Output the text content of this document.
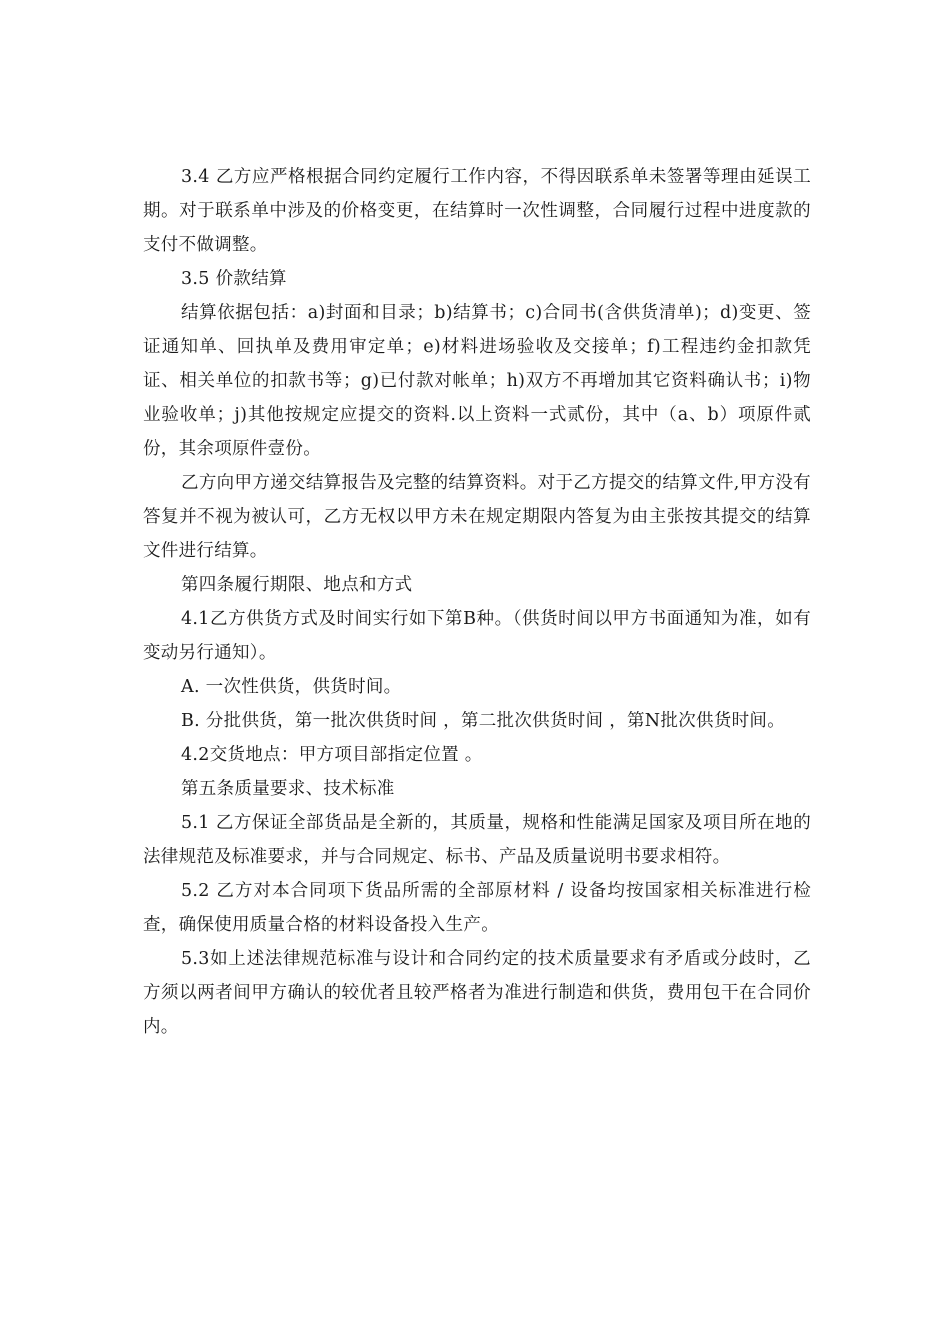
3.4 乙方应严格根据合同约定履行工作内容，不得因联系单未签署等理由延误工期。对于联系单中涉及的价格变更，在结算时一次性调整，合同履行过程中进度款的支付不做调整。

3.5 价款结算

结算依据包括：a)封面和目录；b)结算书；c)合同书(含供货清单)；d)变更、签证通知单、回执单及费用审定单；e)材料进场验收及交接单；f)工程违约金扣款凭证、相关单位的扣款书等；g)已付款对帐单；h)双方不再增加其它资料确认书；i)物业验收单；j)其他按规定应提交的资料.以上资料一式贰份，其中（a、b）项原件贰份，其余项原件壹份。

乙方向甲方递交结算报告及完整的结算资料。对于乙方提交的结算文件,甲方没有答复并不视为被认可，乙方无权以甲方未在规定期限内答复为由主张按其提交的结算文件进行结算。

第四条履行期限、地点和方式

4.1乙方供货方式及时间实行如下第B种。（供货时间以甲方书面通知为准，如有变动另行通知）。

A. 一次性供货，供货时间。

B. 分批供货，第一批次供货时间 ，第二批次供货时间 ，第N批次供货时间。

4.2交货地点：甲方项目部指定位置 。

第五条质量要求、技术标准

5.1 乙方保证全部货品是全新的，其质量，规格和性能满足国家及项目所在地的法律规范及标准要求，并与合同规定、标书、产品及质量说明书要求相符。

5.2 乙方对本合同项下货品所需的全部原材料 / 设备均按国家相关标准进行检查，确保使用质量合格的材料设备投入生产。

5.3如上述法律规范标准与设计和合同约定的技术质量要求有矛盾或分歧时，乙方须以两者间甲方确认的较优者且较严格者为准进行制造和供货，费用包干在合同价内。
